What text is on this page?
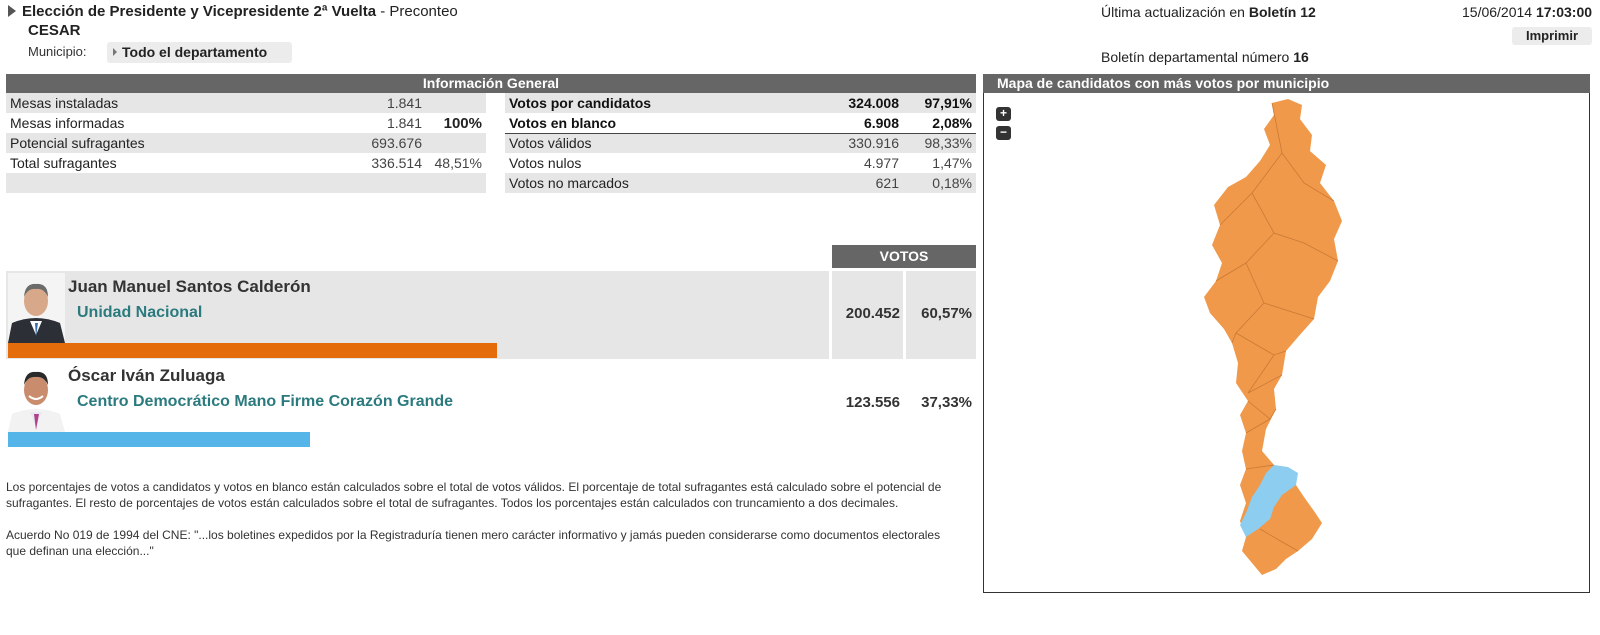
Elección de Presidente y Vicepresidente 2ª Vuelta - Preconteo
CESAR
Municipio:	Todo el departamento
Última actualización en Boletín 12	15/06/2014 17:03:00
Imprimir
Boletín departamental número 16
Información General
Mesas instaladas	1.841	
Mesas informadas	1.841	100%
Potencial sufragantes	693.676	
Total sufragantes	336.514	48,51%

Votos por candidatos	324.008	97,91%
Votos en blanco	6.908	2,08%
Votos válidos	330.916	98,33%
Votos nulos	4.977	1,47%
Votos no marcados	621	0,18%
VOTOS
Juan Manuel Santos Calderón
Unidad Nacional	200.452	60,57%
Óscar Iván Zuluaga
Centro Democrático Mano Firme Corazón Grande	123.556	37,33%

Los porcentajes de votos a candidatos y votos en blanco están calculados sobre el total de votos válidos. El porcentaje de total sufragantes está calculado sobre el potencial de sufragantes. El resto de porcentajes de votos están calculados sobre el total de sufragantes. Todos los porcentajes están calculados con truncamiento a dos decimales.

Acuerdo No 019 de 1994 del CNE: "...los boletines expedidos por la Registraduría tienen mero carácter informativo y jamás pueden considerarse como documentos electorales que definan una elección..."

Mapa de candidatos con más votos por municipio
+
−
